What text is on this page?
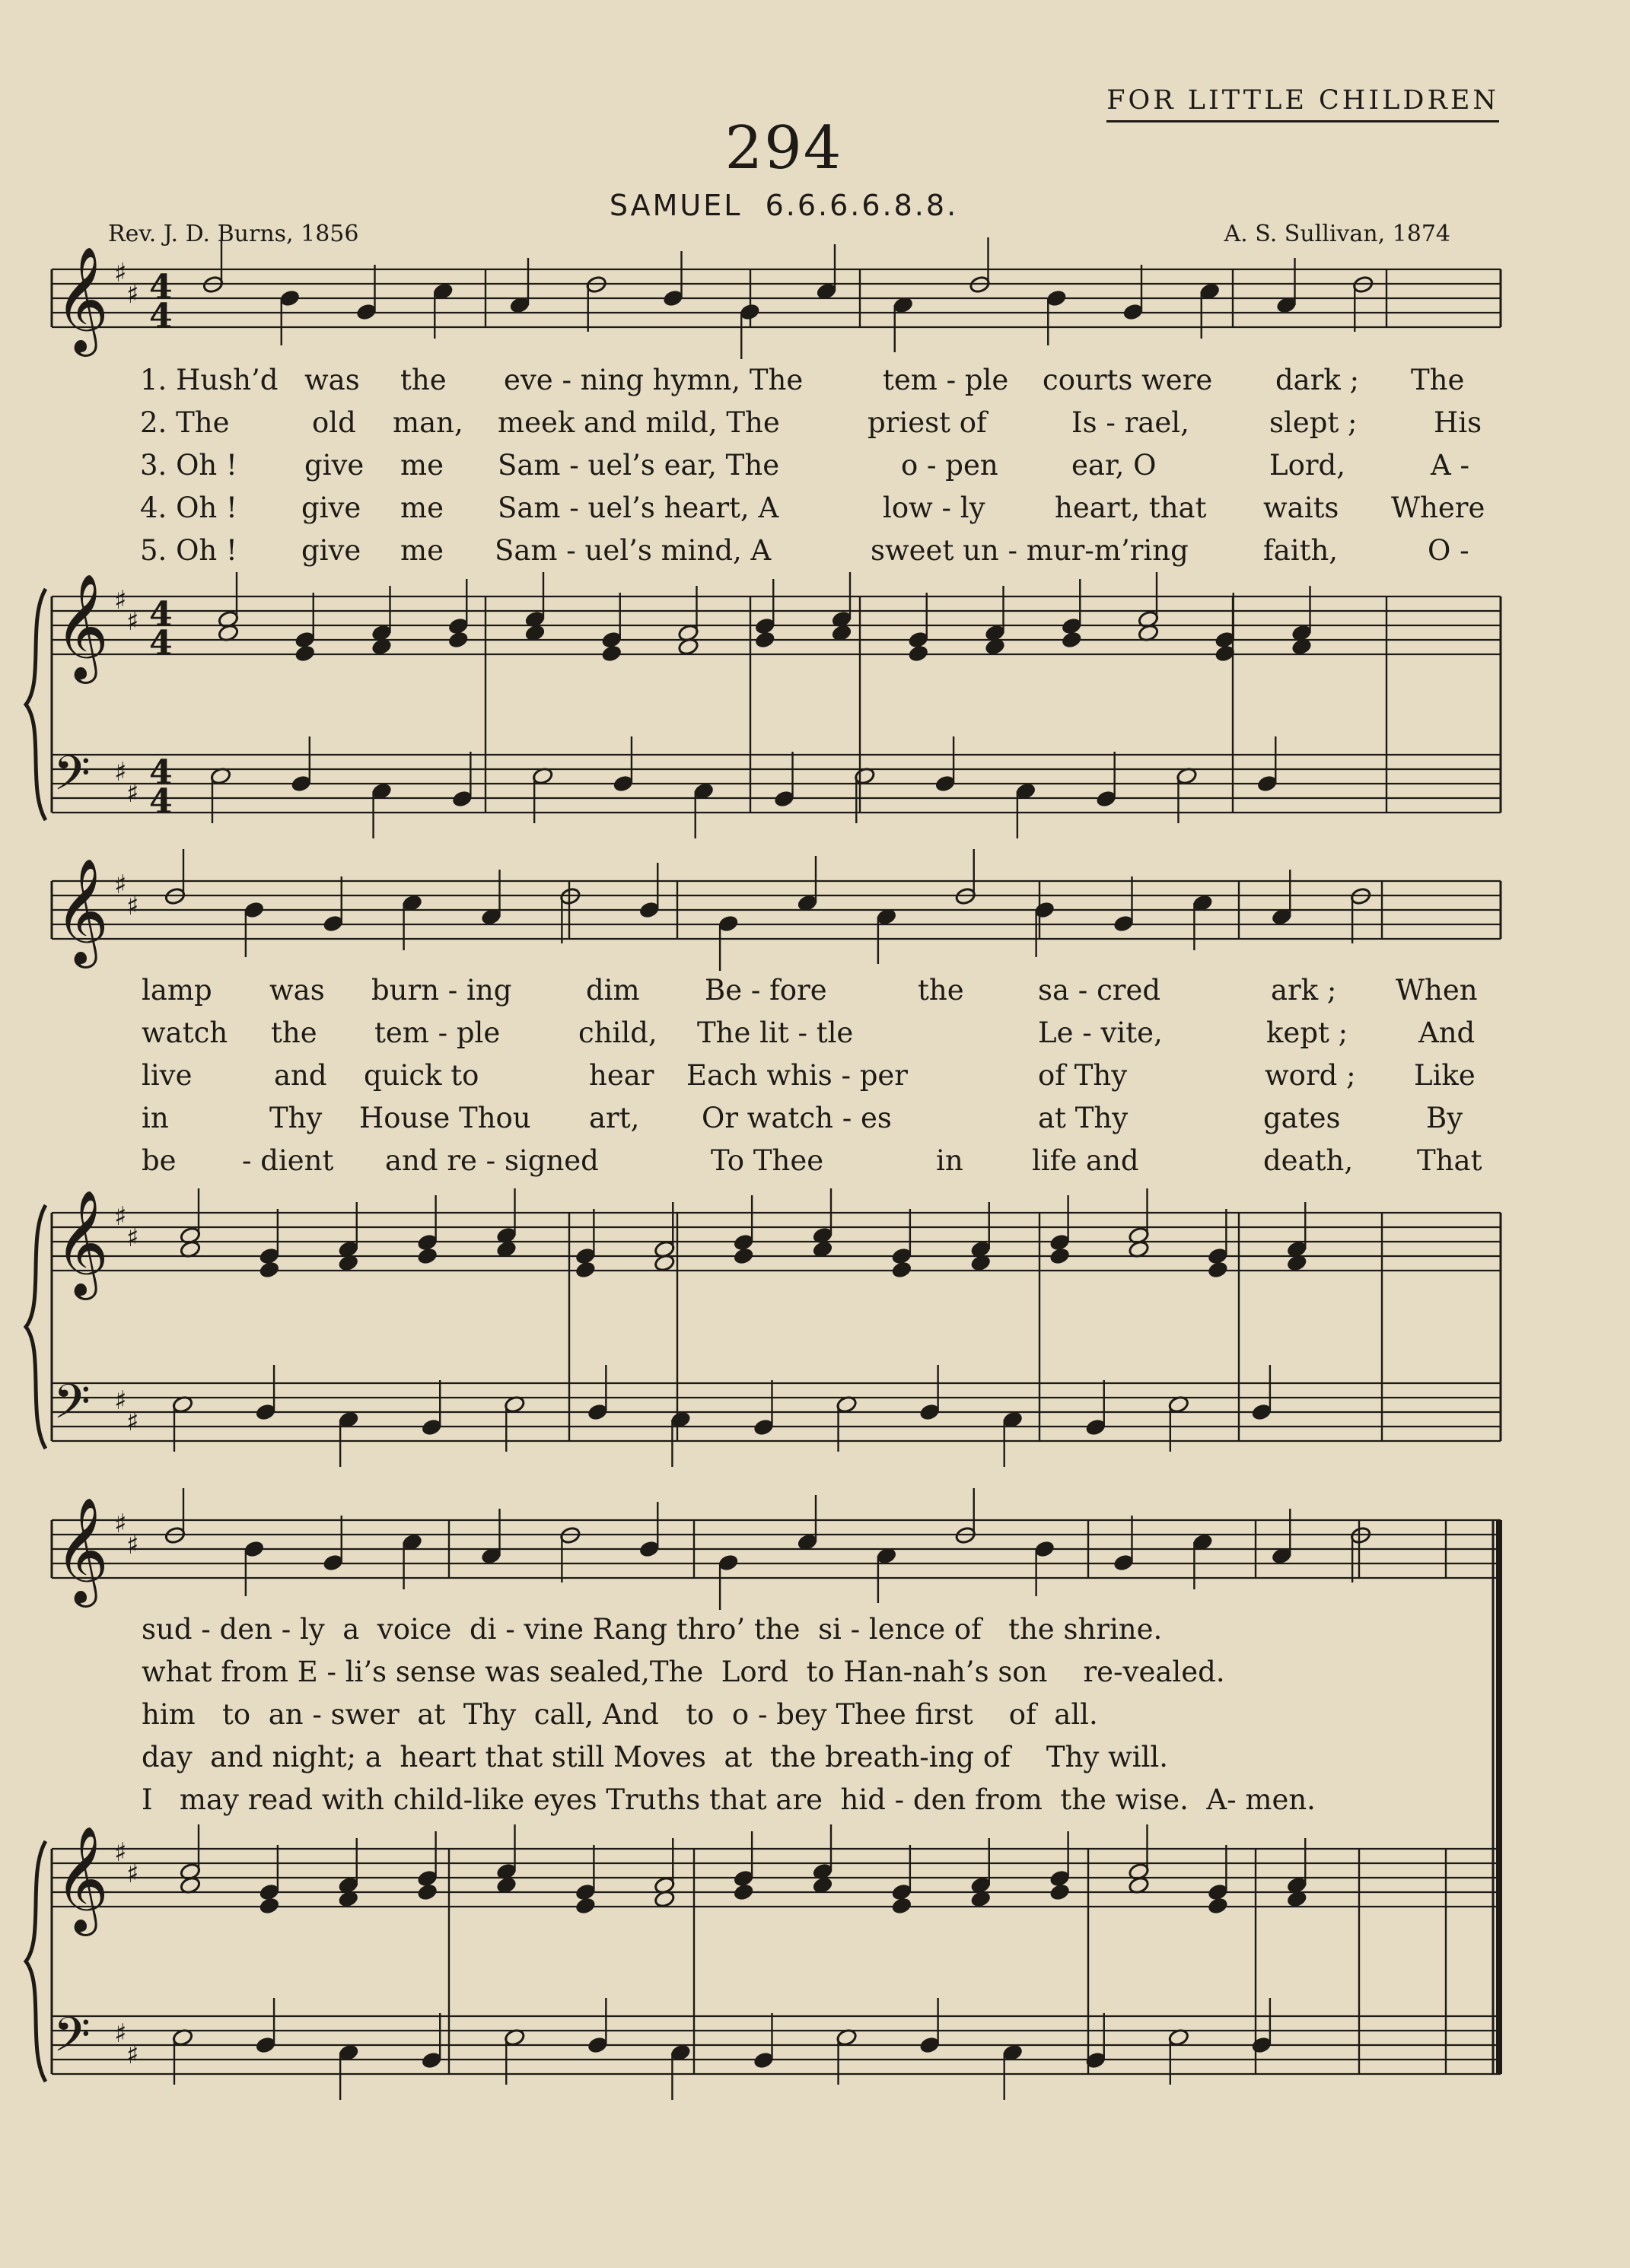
FOR LITTLE CHILDREN
294
SAMUEL 6.6.6.6.8.8.
Rev. J. D. Burns, 1856	A. S. Sullivan, 1874
𝄞
𝄞
𝄢
♯
♯
♯
♯
♯
♯
4
4
4
4
4
4
𝄞
𝄞
𝄢
♯
♯
♯
♯
♯
♯
𝄞
𝄞
𝄢
♯
♯
♯
♯
♯
♯
1. Hush’d was the eve - ning hymn, The	tem - ple courts were dark ; The
2. The	old man, meek and mild, The	priest of	Is - rael,	slept ;	His
3. Oh ! give me Sam - uel’s ear, The	o - pen	ear, O	Lord,	A -
4. Oh ! give me Sam - uel’s heart, A	low - ly heart, that waits Where
5. Oh ! give me Sam - uel’s mind, A	sweet un - mur-m’ring	faith,	O -
lamp was burn - ing	dim Be - fore	the	sa - cred	ark ; When
watch the tem - ple	child, The lit - tle	Le - vite,	kept ;	And
live	and quick to	hear Each whis - per	of Thy	word ; Like
in	Thy House Thou art, Or watch - es	at Thy	gates	By
be - dient and re - signed	To Thee	in life and	death, That
sud - den - ly  a  voice  di - vine Rang thro’ the  si - lence of   the shrine.
what from E - li’s sense was sealed,The  Lord  to Han-nah’s son    re-vealed.
him   to  an - swer  at  Thy  call, And   to  o - bey Thee first    of  all.
day  and night; a  heart that still Moves  at  the breath-ing of    Thy will.
I   may read with child-like eyes Truths that are  hid - den from  the wise.  A- men.
